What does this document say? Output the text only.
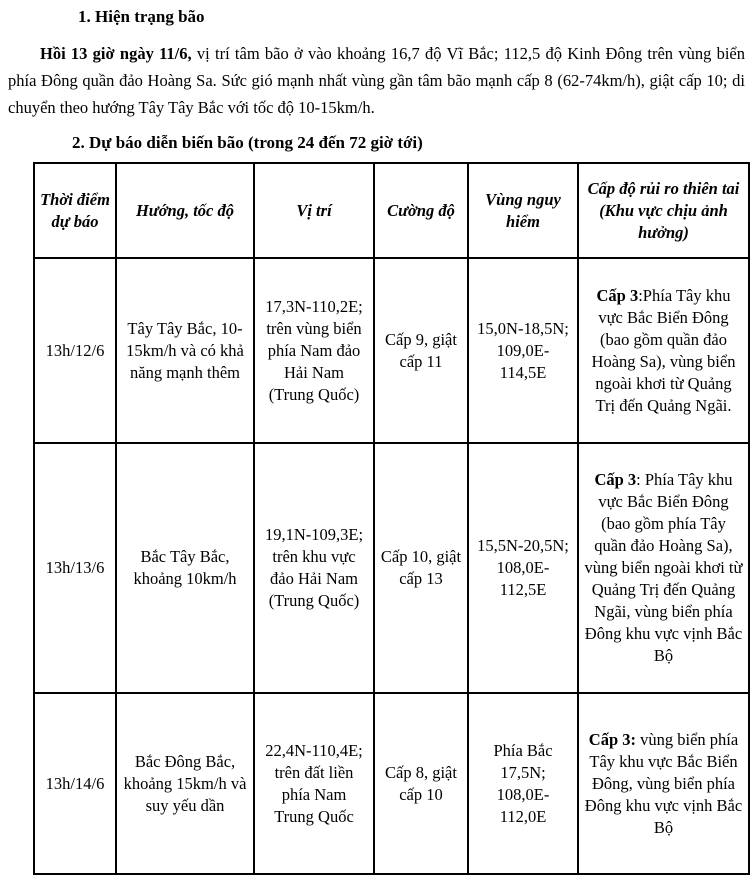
1. Hiện trạng bão

Hồi 13 giờ ngày 11/6, vị trí tâm bão ở vào khoảng 16,7 độ Vĩ Bắc; 112,5 độ Kinh Đông trên vùng biển phía Đông quần đảo Hoàng Sa. Sức gió mạnh nhất vùng gần tâm bão mạnh cấp 8 (62-74km/h), giật cấp 10; di chuyển theo hướng Tây Tây Bắc với tốc độ 10-15km/h.

2. Dự báo diễn biến bão (trong 24 đến 72 giờ tới)
Thời điểm dự báo	Hướng, tốc độ	Vị trí	Cường độ	Vùng nguy hiểm	Cấp độ rủi ro thiên tai (Khu vực chịu ảnh hưởng)
13h/12/6	Tây Tây Bắc, 10-15km/h và có khả năng mạnh thêm	17,3N-110,2E; trên vùng biển phía Nam đảo Hải Nam (Trung Quốc)	Cấp 9, giật cấp 11	15,0N-18,5N; 109,0E-114,5E	Cấp 3:Phía Tây khu vực Bắc Biển Đông (bao gồm quần đảo Hoàng Sa), vùng biển ngoài khơi từ Quảng Trị đến Quảng Ngãi.
13h/13/6	Bắc Tây Bắc, khoảng 10km/h	19,1N-109,3E; trên khu vực đảo Hải Nam (Trung Quốc)	Cấp 10, giật cấp 13	15,5N-20,5N; 108,0E-112,5E	Cấp 3: Phía Tây khu vực Bắc Biển Đông (bao gồm phía Tây quần đảo Hoàng Sa), vùng biển ngoài khơi từ Quảng Trị đến Quảng Ngãi, vùng biển phía Đông khu vực vịnh Bắc Bộ
13h/14/6	Bắc Đông Bắc, khoảng 15km/h và suy yếu dần	22,4N-110,4E; trên đất liền phía Nam Trung Quốc	Cấp 8, giật cấp 10	Phía Bắc 17,5N; 108,0E-112,0E	Cấp 3: vùng biển phía Tây khu vực Bắc Biển Đông, vùng biển phía Đông khu vực vịnh Bắc Bộ
